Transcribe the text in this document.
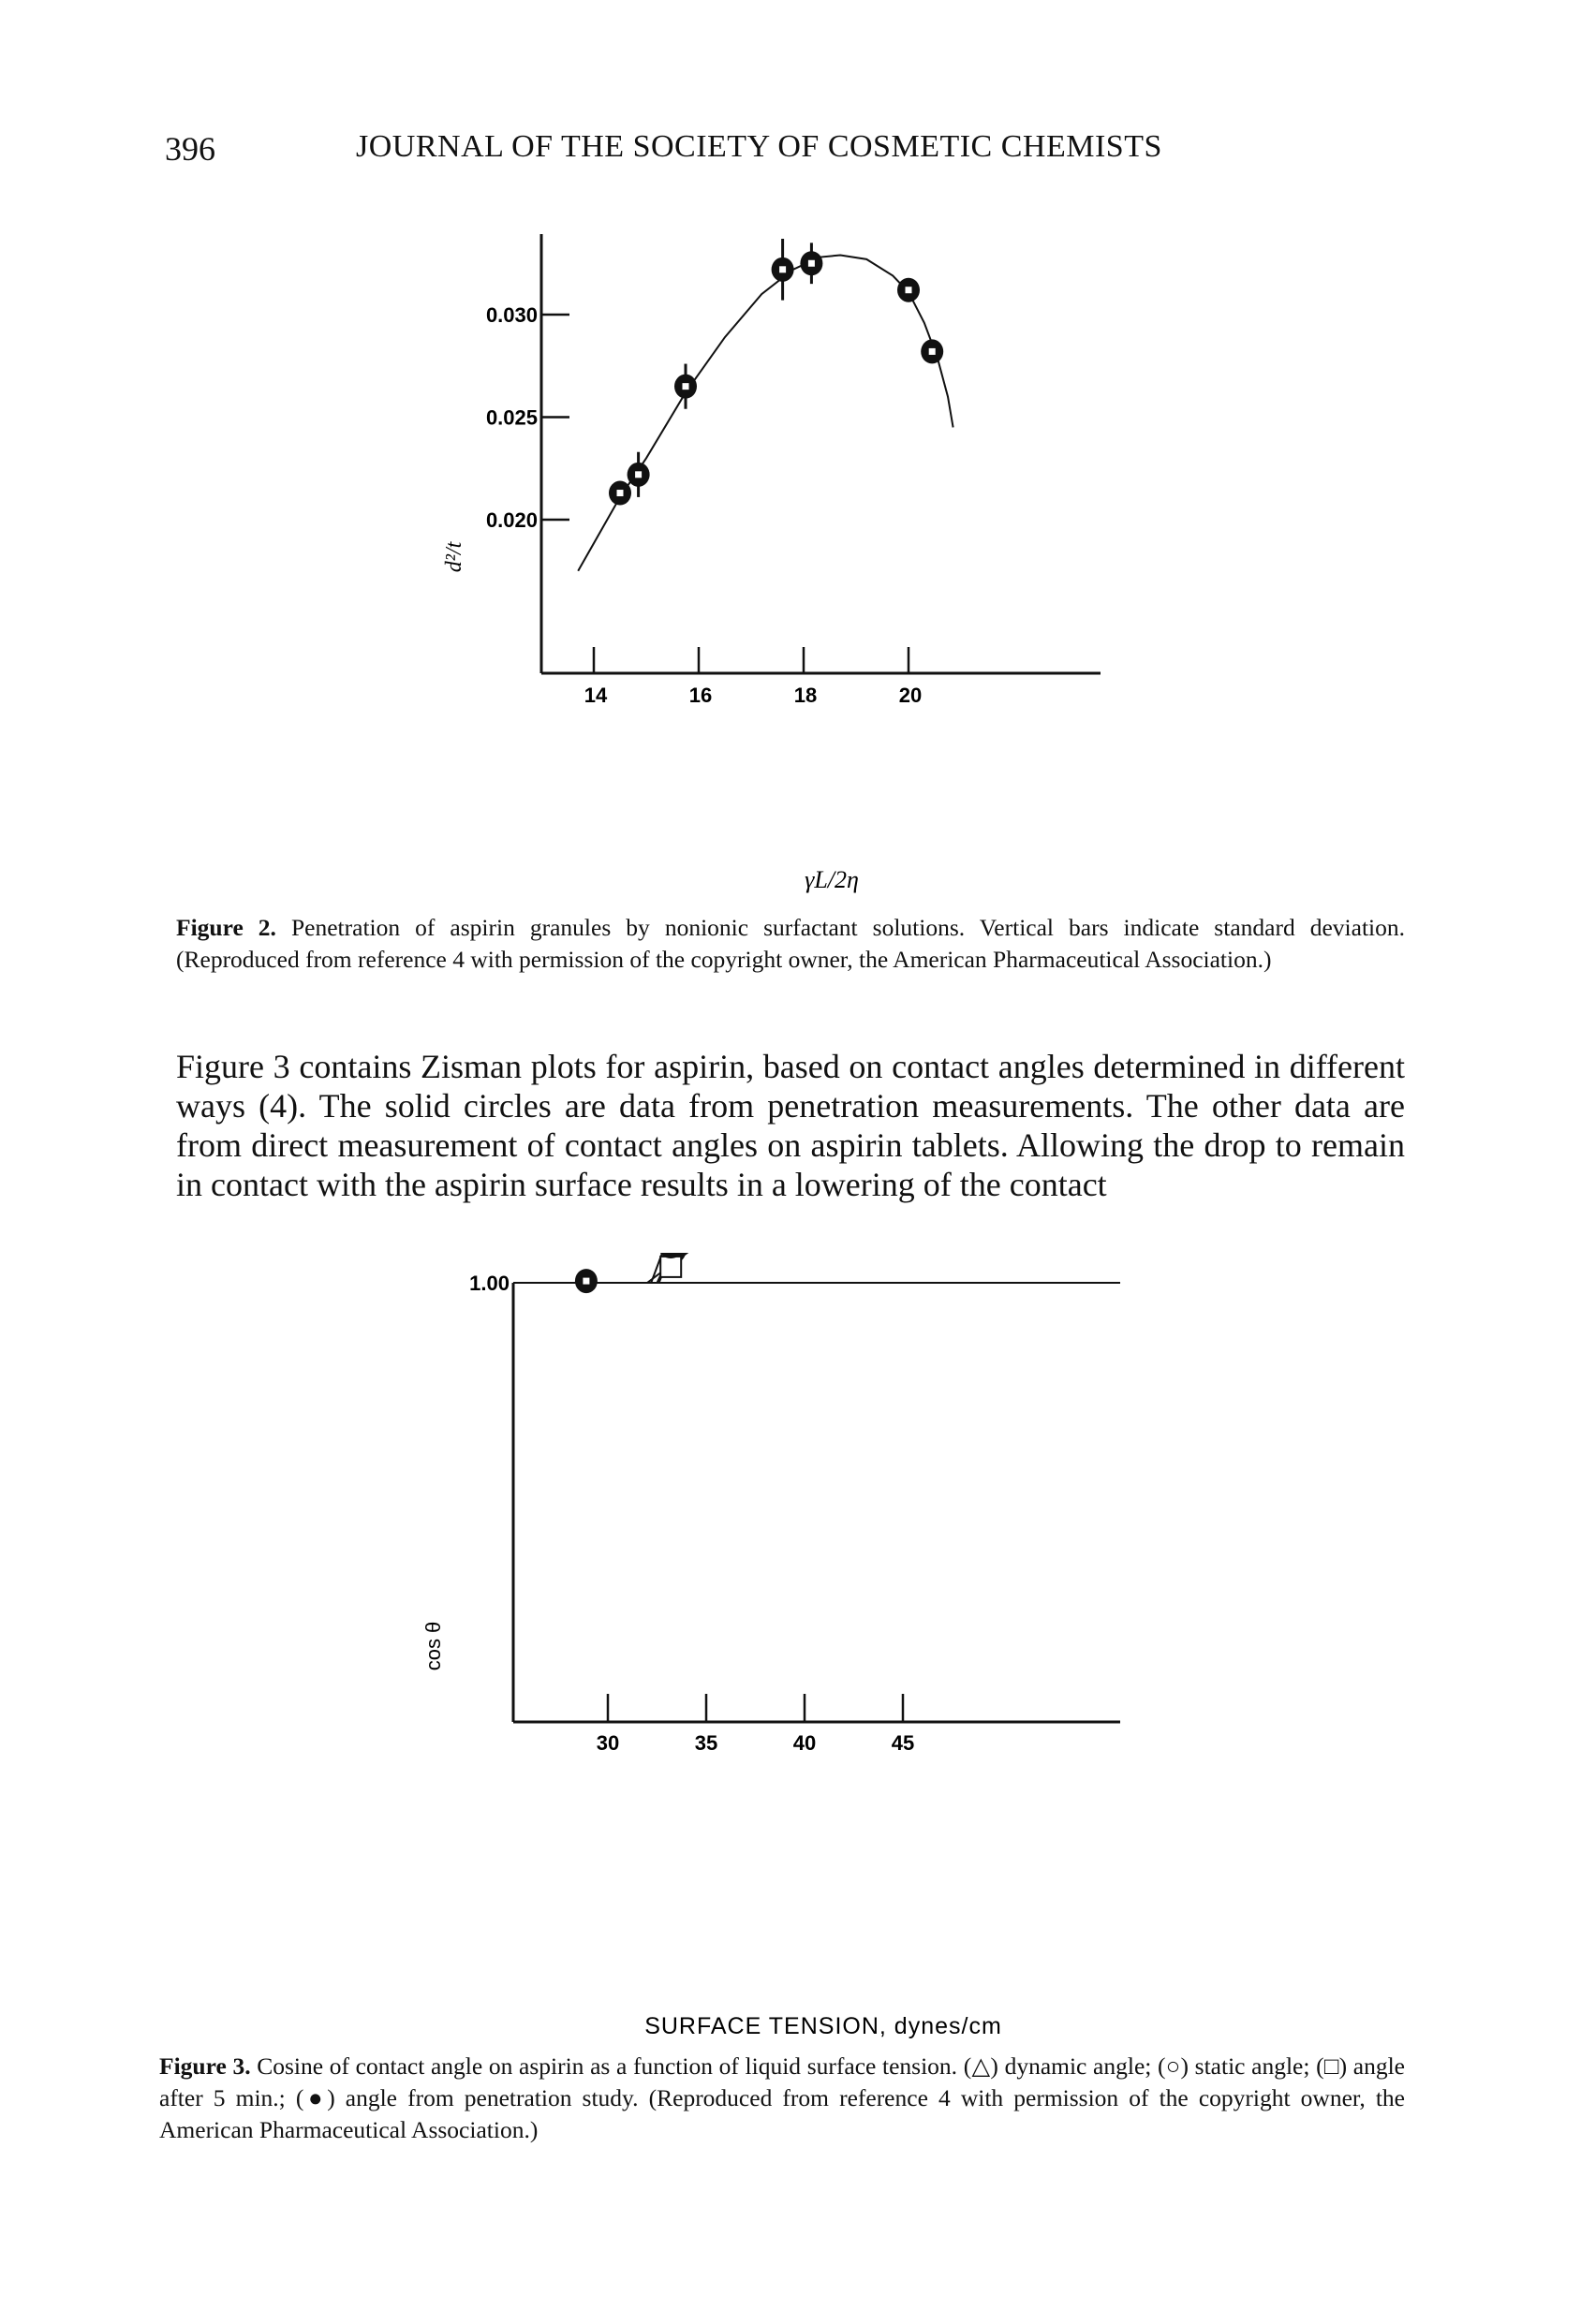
396	JOURNAL OF THE SOCIETY OF COSMETIC CHEMISTS
0.020
0.025
0.030
14	16	18	20
d²/t
γL/2η
Figure 2. Penetration of aspirin granules by nonionic surfactant solutions. Vertical bars indicate standard deviation. (Reproduced from reference 4 with permission of the copyright owner, the American Pharmaceutical Association.)
Figure 3 contains Zisman plots for aspirin, based on contact angles determined in different ways (4). The solid circles are data from penetration measurements. The other data are from direct measurement of contact angles on aspirin tablets. Allowing the drop to remain in contact with the aspirin surface results in a lowering of the contact
1.00
30	35	40	45
cos θ
SURFACE TENSION, dynes/cm
Figure 3. Cosine of contact angle on aspirin as a function of liquid surface tension. (△) dynamic angle; (○) static angle; (□) angle after 5 min.; (●) angle from penetration study. (Reproduced from reference 4 with permission of the copyright owner, the American Pharmaceutical Association.)
